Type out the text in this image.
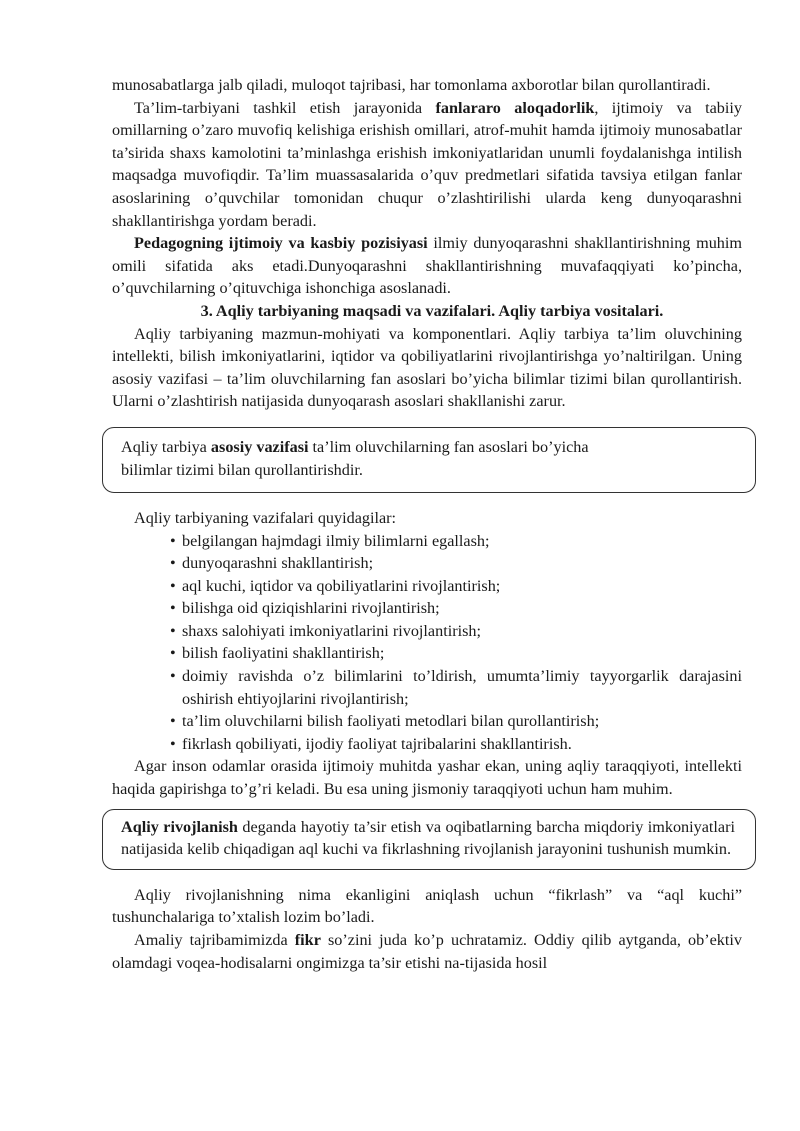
munosabatlarga jalb qiladi, muloqot tajribasi, har tomonlama axborotlar bilan qurollantiradi.

Ta’lim-tarbiyani tashkil etish jarayonida fanlararo aloqadorlik, ijtimoiy va tabiiy omillarning o’zaro muvofiq kelishiga erishish omillari, atrof-muhit hamda ijtimoiy munosabatlar ta’sirida shaxs kamolotini ta’minlashga erishish imkoniyatlaridan unumli foydalanishga intilish maqsadga muvofiqdir. Ta’lim muassasalarida o’quv predmetlari sifatida tavsiya etilgan fanlar asoslarining o’quvchilar tomonidan chuqur o’zlashtirilishi ularda keng dunyoqarashni shakllantirishga yordam beradi.

Pedagogning ijtimoiy va kasbiy pozisiyasi ilmiy dunyoqarashni shakllantirishning muhim omili sifatida aks etadi.Dunyoqarashni shakllantirishning muvafaqqiyati ko’pincha, o’quvchilarning o’qituvchiga ishonchiga asoslanadi.

3. Aqliy tarbiyaning maqsadi va vazifalari. Aqliy tarbiya vositalari.

Aqliy tarbiyaning mazmun-mohiyati va komponentlari. Aqliy tarbiya ta’lim oluvchining intellekti, bilish imkoniyatlarini, iqtidor va qobiliyatlarini rivojlantirishga yo’naltirilgan. Uning asosiy vazifasi – ta’lim oluvchilarning fan asoslari bo’yicha bilimlar tizimi bilan qurollantirish. Ularni o’zlashtirish natijasida dunyoqarash asoslari shakllanishi zarur.

Aqliy tarbiya asosiy vazifasi ta’lim oluvchilarning fan asoslari bo’yicha
bilimlar tizimi bilan qurollantirishdir.

Aqliy tarbiyaning vazifalari quyidagilar:

• belgilangan hajmdagi ilmiy bilimlarni egallash;
• dunyoqarashni shakllantirish;
• aql kuchi, iqtidor va qobiliyatlarini rivojlantirish;
• bilishga oid qiziqishlarini rivojlantirish;
• shaxs salohiyati imkoniyatlarini rivojlantirish;
• bilish faoliyatini shakllantirish;
• doimiy ravishda o’z bilimlarini to’ldirish, umumta’limiy tayyorgarlik darajasini oshirish ehtiyojlarini rivojlantirish;
• ta’lim oluvchilarni bilish faoliyati metodlari bilan qurollantirish;
• fikrlash qobiliyati, ijodiy faoliyat tajribalarini shakllantirish.

Agar inson odamlar orasida ijtimoiy muhitda yashar ekan, uning aqliy taraqqiyoti, intellekti haqida gapirishga to’g’ri keladi. Bu esa uning jismoniy taraqqiyoti uchun ham muhim.

Aqliy rivojlanish deganda hayotiy ta’sir etish va oqibatlarning barcha miqdoriy imkoniyatlari natijasida kelib chiqadigan aql kuchi va fikrlashning rivojlanish jarayonini tushunish mumkin.

Aqliy rivojlanishning nima ekanligini aniqlash uchun “fikrlash” va “aql kuchi” tushunchalariga to’xtalish lozim bo’ladi.

Amaliy tajribamimizda fikr so’zini juda ko’p uchratamiz. Oddiy qilib aytganda, ob’ektiv olamdagi voqea-hodisalarni ongimizga ta’sir etishi na-tijasida hosil
